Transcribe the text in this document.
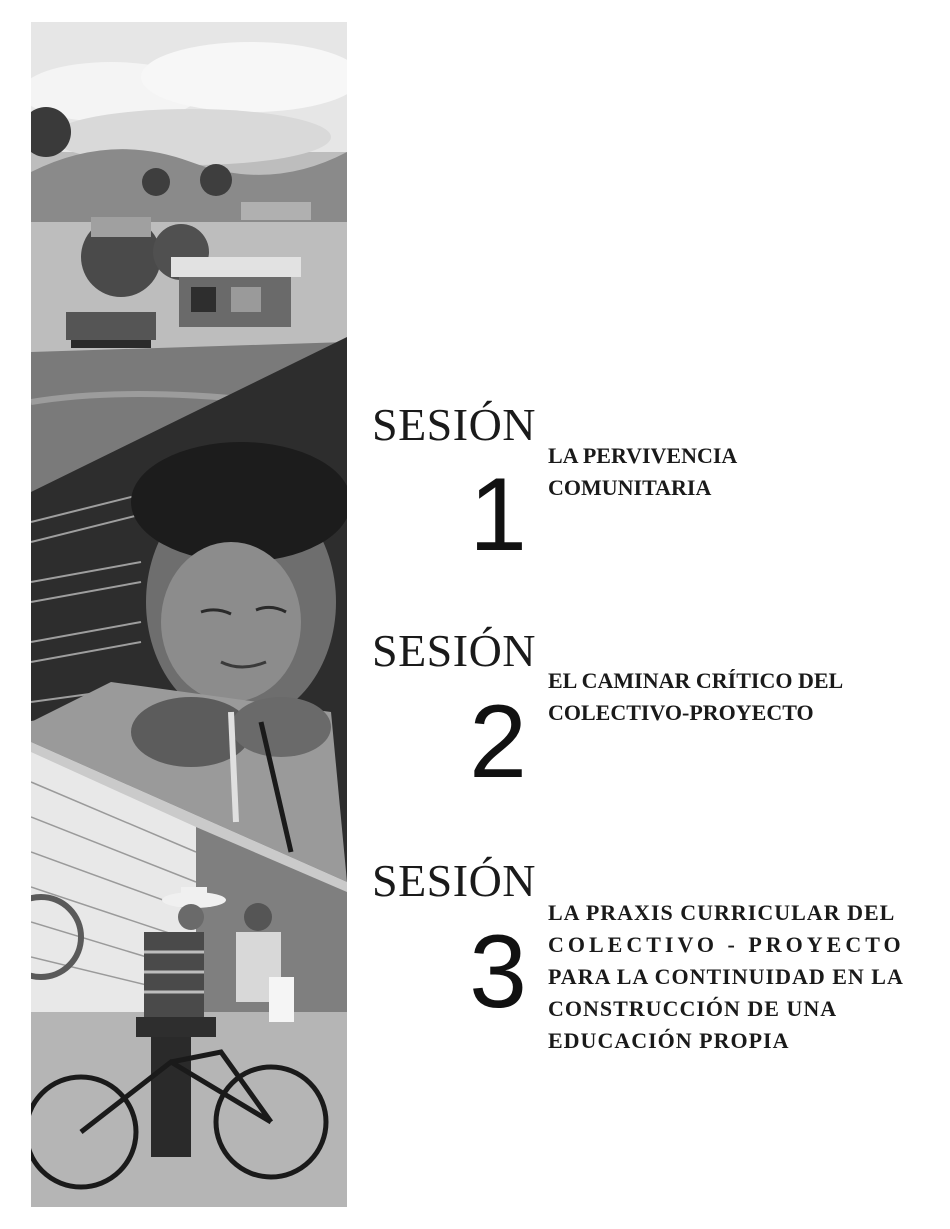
SESIÓN
1
LA PERVIVENCIA
COMUNITARIA
SESIÓN
2
EL CAMINAR CRÍTICO DEL
COLECTIVO-PROYECTO
SESIÓN
3
LA PRAXIS CURRICULAR DEL
COLECTIVO - PROYECTO
PARA LA CONTINUIDAD EN LA
CONSTRUCCIÓN DE UNA
EDUCACIÓN PROPIA
